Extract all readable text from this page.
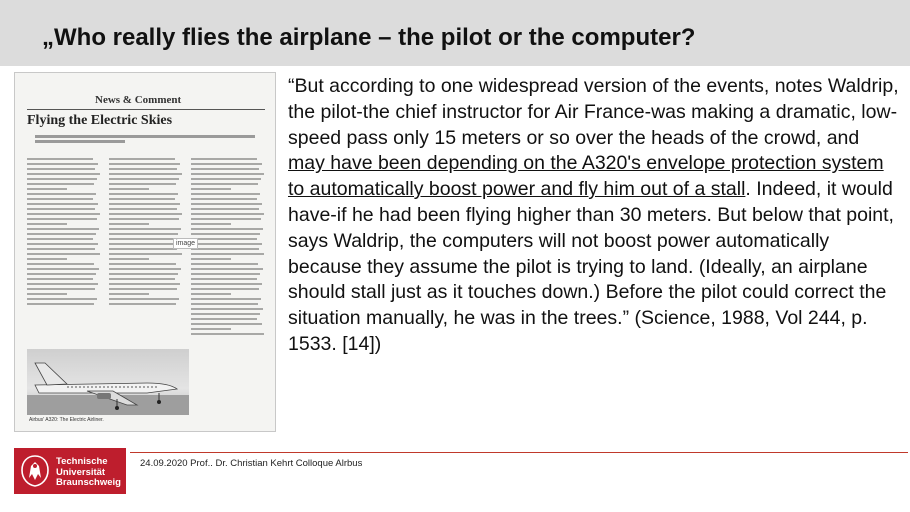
„Who really flies the airplane – the pilot or the computer?
News & Comment
Flying the Electric Skies
image
Airbus' A320: The Electric Airliner.
“But according to one widespread version of the events, notes Waldrip, the pilot-the chief instructor for Air France-was making a dramatic, low-speed pass only 15 meters or so over the heads of the crowd, and may have been depending on the A320's envelope protection system to automatically boost power and fly him out of a stall. Indeed, it would have-if he had been flying higher than 30 meters. But below that point, says Waldrip, the computers will not boost power automatically because they assume the pilot is trying to land. (Ideally, an airplane should stall just as it touches down.) Before the pilot could correct the situation manually, he was in the trees.” (Science, 1988, Vol 244, p. 1533. [14])
Technische
Universität
Braunschweig
24.09.2020 Prof.. Dr. Christian Kehrt Colloque Alrbus
